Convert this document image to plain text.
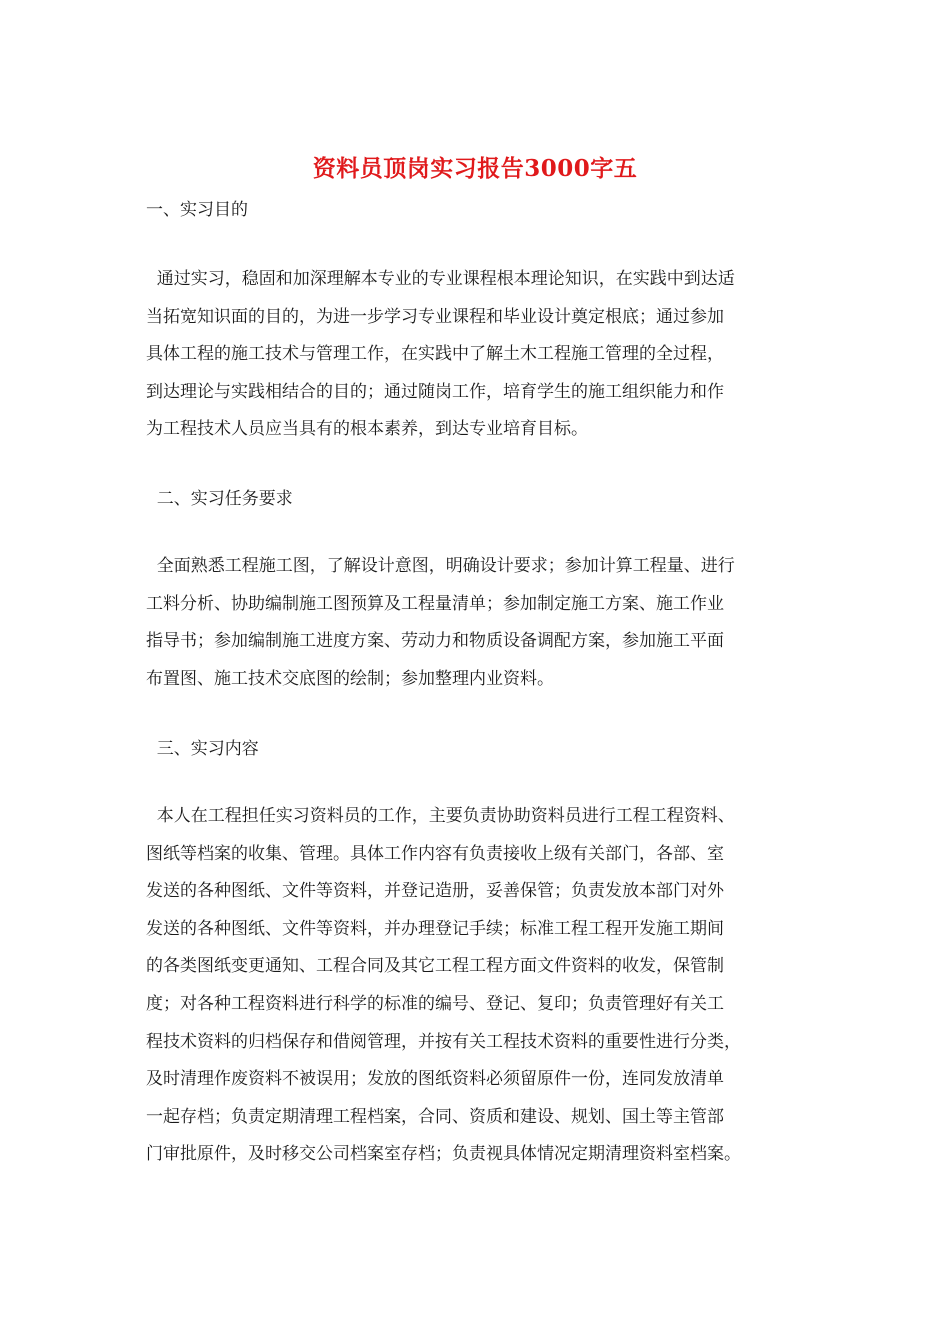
资料员顶岗实习报告3000字五
一、实习目的
通过实习，稳固和加深理解本专业的专业课程根本理论知识，在实践中到达适
当拓宽知识面的目的，为进一步学习专业课程和毕业设计奠定根底；通过参加
具体工程的施工技术与管理工作，在实践中了解土木工程施工管理的全过程，
到达理论与实践相结合的目的；通过随岗工作，培育学生的施工组织能力和作
为工程技术人员应当具有的根本素养，到达专业培育目标。
二、实习任务要求
全面熟悉工程施工图，了解设计意图，明确设计要求；参加计算工程量、进行
工料分析、协助编制施工图预算及工程量清单；参加制定施工方案、施工作业
指导书；参加编制施工进度方案、劳动力和物质设备调配方案，参加施工平面
布置图、施工技术交底图的绘制；参加整理内业资料。
三、实习内容
本人在工程担任实习资料员的工作，主要负责协助资料员进行工程工程资料、
图纸等档案的收集、管理。具体工作内容有负责接收上级有关部门，各部、室
发送的各种图纸、文件等资料，并登记造册，妥善保管；负责发放本部门对外
发送的各种图纸、文件等资料，并办理登记手续；标准工程工程开发施工期间
的各类图纸变更通知、工程合同及其它工程工程方面文件资料的收发，保管制
度；对各种工程资料进行科学的标准的编号、登记、复印；负责管理好有关工
程技术资料的归档保存和借阅管理，并按有关工程技术资料的重要性进行分类，
及时清理作废资料不被误用；发放的图纸资料必须留原件一份，连同发放清单
一起存档；负责定期清理工程档案，合同、资质和建设、规划、国土等主管部
门审批原件，及时移交公司档案室存档；负责视具体情况定期清理资料室档案。
